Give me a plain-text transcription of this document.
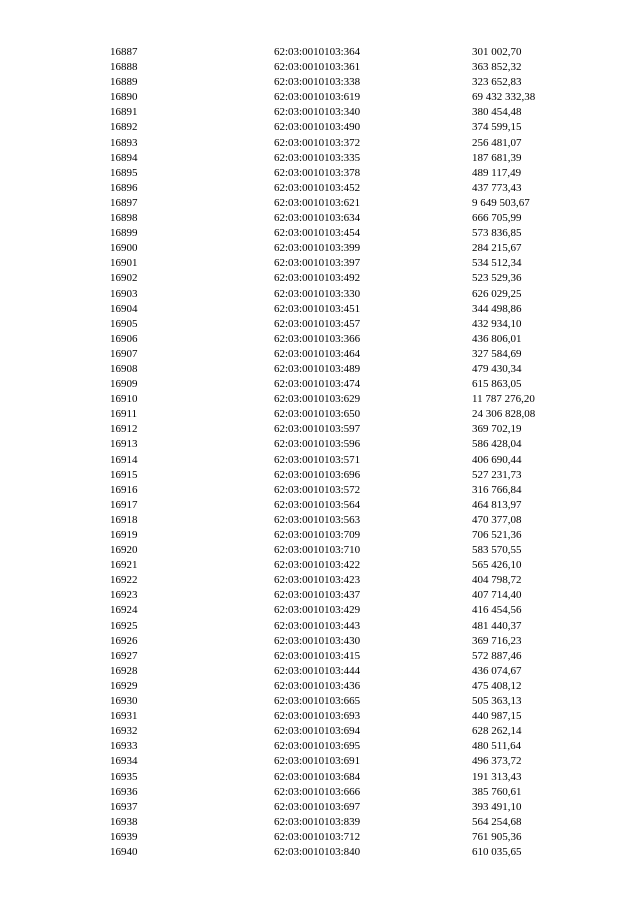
16887	62:03:0010103:364	301 002,70
16888	62:03:0010103:361	363 852,32
16889	62:03:0010103:338	323 652,83
16890	62:03:0010103:619	69 432 332,38
16891	62:03:0010103:340	380 454,48
16892	62:03:0010103:490	374 599,15
16893	62:03:0010103:372	256 481,07
16894	62:03:0010103:335	187 681,39
16895	62:03:0010103:378	489 117,49
16896	62:03:0010103:452	437 773,43
16897	62:03:0010103:621	9 649 503,67
16898	62:03:0010103:634	666 705,99
16899	62:03:0010103:454	573 836,85
16900	62:03:0010103:399	284 215,67
16901	62:03:0010103:397	534 512,34
16902	62:03:0010103:492	523 529,36
16903	62:03:0010103:330	626 029,25
16904	62:03:0010103:451	344 498,86
16905	62:03:0010103:457	432 934,10
16906	62:03:0010103:366	436 806,01
16907	62:03:0010103:464	327 584,69
16908	62:03:0010103:489	479 430,34
16909	62:03:0010103:474	615 863,05
16910	62:03:0010103:629	11 787 276,20
16911	62:03:0010103:650	24 306 828,08
16912	62:03:0010103:597	369 702,19
16913	62:03:0010103:596	586 428,04
16914	62:03:0010103:571	406 690,44
16915	62:03:0010103:696	527 231,73
16916	62:03:0010103:572	316 766,84
16917	62:03:0010103:564	464 813,97
16918	62:03:0010103:563	470 377,08
16919	62:03:0010103:709	706 521,36
16920	62:03:0010103:710	583 570,55
16921	62:03:0010103:422	565 426,10
16922	62:03:0010103:423	404 798,72
16923	62:03:0010103:437	407 714,40
16924	62:03:0010103:429	416 454,56
16925	62:03:0010103:443	481 440,37
16926	62:03:0010103:430	369 716,23
16927	62:03:0010103:415	572 887,46
16928	62:03:0010103:444	436 074,67
16929	62:03:0010103:436	475 408,12
16930	62:03:0010103:665	505 363,13
16931	62:03:0010103:693	440 987,15
16932	62:03:0010103:694	628 262,14
16933	62:03:0010103:695	480 511,64
16934	62:03:0010103:691	496 373,72
16935	62:03:0010103:684	191 313,43
16936	62:03:0010103:666	385 760,61
16937	62:03:0010103:697	393 491,10
16938	62:03:0010103:839	564 254,68
16939	62:03:0010103:712	761 905,36
16940	62:03:0010103:840	610 035,65
